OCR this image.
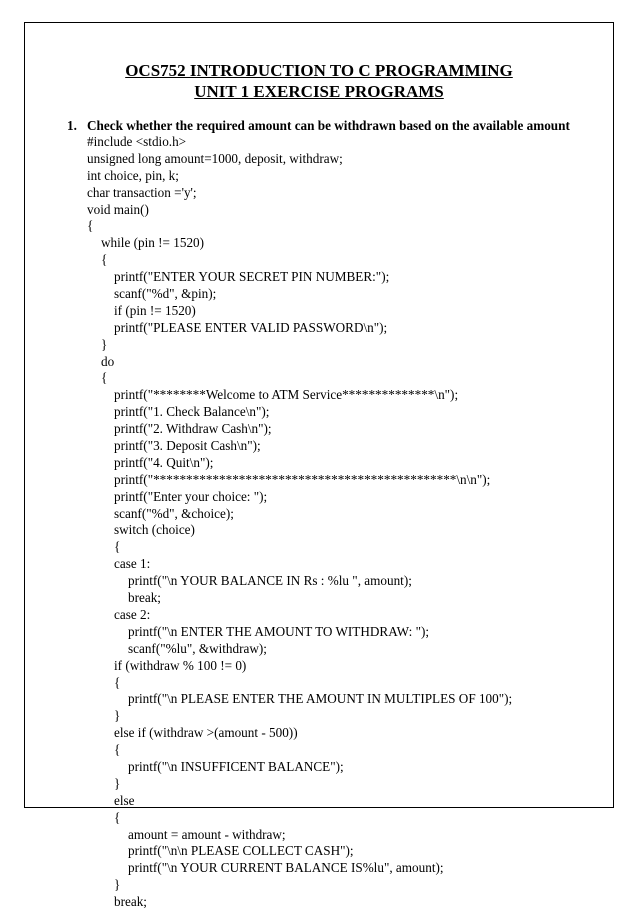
OCS752 INTRODUCTION TO C PROGRAMMING
UNIT 1 EXERCISE PROGRAMS
1. Check whether the required amount can be withdrawn based on the available amount
#include <stdio.h>
unsigned long amount=1000, deposit, withdraw;
int choice, pin, k;
char transaction ='y';
void main()
{
while (pin != 1520)
{
printf("ENTER YOUR SECRET PIN NUMBER:");
scanf("%d", &pin);
if (pin != 1520)
printf("PLEASE ENTER VALID PASSWORD\n");
}
do
{
printf("********Welcome to ATM Service**************\n");
printf("1. Check Balance\n");
printf("2. Withdraw Cash\n");
printf("3. Deposit Cash\n");
printf("4. Quit\n");
printf("**********************************************\n\n");
printf("Enter your choice: ");
scanf("%d", &choice);
switch (choice)
{
case 1:
printf("\n YOUR BALANCE IN Rs : %lu ", amount);
break;
case 2:
printf("\n ENTER THE AMOUNT TO WITHDRAW: ");
scanf("%lu", &withdraw);
if (withdraw % 100 != 0)
{
printf("\n PLEASE ENTER THE AMOUNT IN MULTIPLES OF 100");
}
else if (withdraw >(amount - 500))
{
printf("\n INSUFFICENT BALANCE");
}
else
{
amount = amount - withdraw;
printf("\n\n PLEASE COLLECT CASH");
printf("\n YOUR CURRENT BALANCE IS%lu", amount);
}
break;
